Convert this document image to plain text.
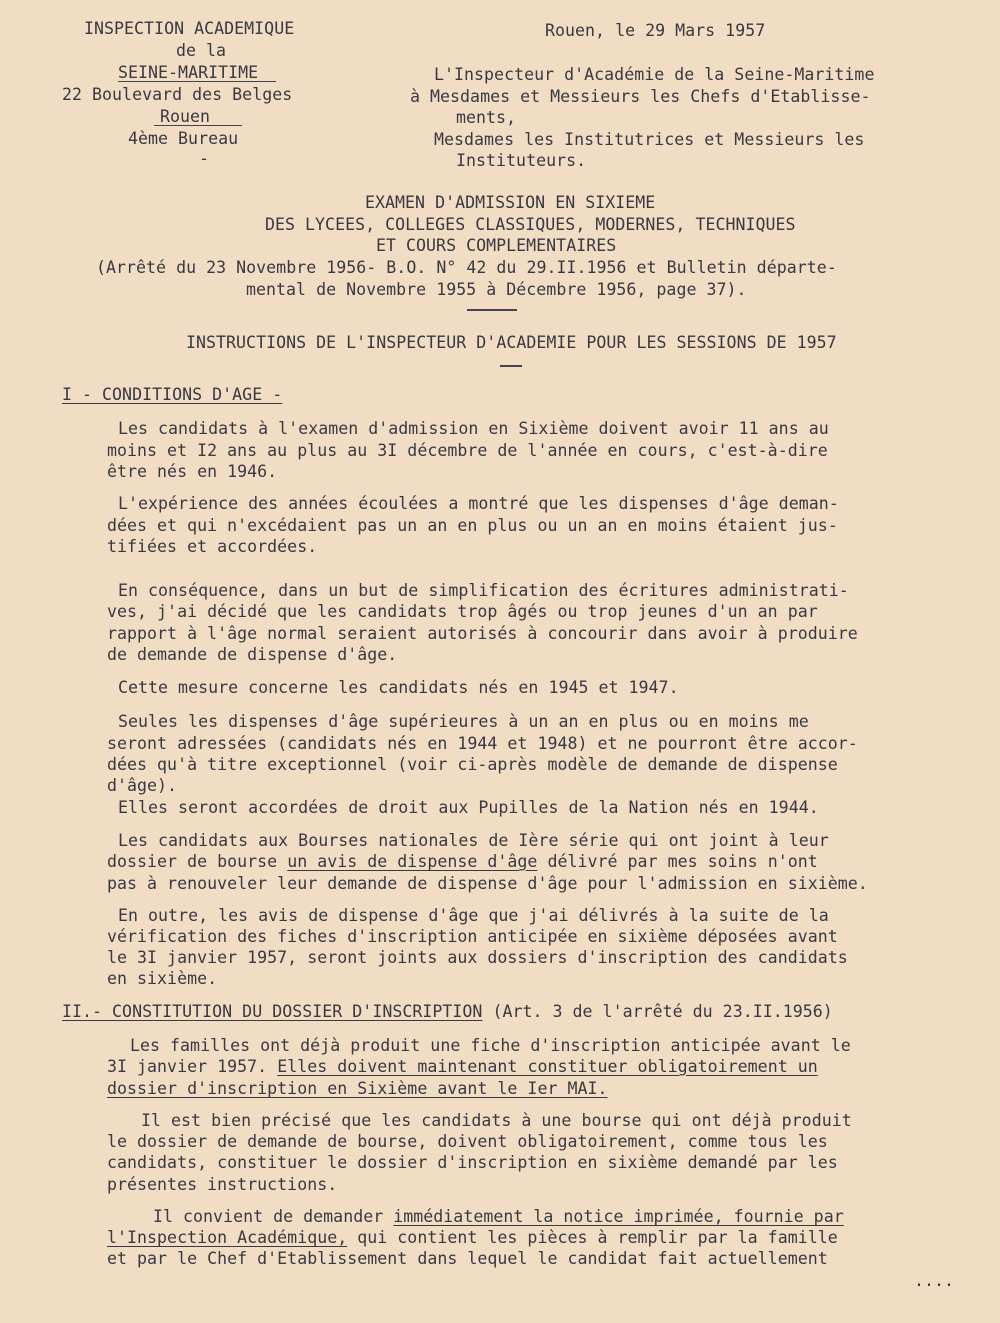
INSPECTION ACADEMIQUE

de la

SEINE-MARITIME

22 Boulevard des Belges

Rouen

4ème Bureau

-

Rouen, le 29 Mars 1957

L'Inspecteur d'Académie de la Seine-Maritime

à Mesdames et Messieurs les Chefs d'Etablisse-

ments,

Mesdames les Institutrices et Messieurs les

Instituteurs.

EXAMEN D'ADMISSION EN SIXIEME

DES LYCEES, COLLEGES CLASSIQUES, MODERNES, TECHNIQUES

ET COURS COMPLEMENTAIRES

(Arrêté du 23 Novembre 1956- B.O. N° 42 du 29.II.1956 et Bulletin départe-

mental de Novembre 1955 à Décembre 1956, page 37).

INSTRUCTIONS DE L'INSPECTEUR D'ACADEMIE POUR LES SESSIONS DE 1957

I - CONDITIONS D'AGE -

Les candidats à l'examen d'admission en Sixième doivent avoir 11 ans au

moins et I2 ans au plus au 3I décembre de l'année en cours, c'est-à-dire

être nés en 1946.

L'expérience des années écoulées a montré que les dispenses d'âge deman-

dées et qui n'excédaient pas un an en plus ou un an en moins étaient jus-

tifiées et accordées.

En conséquence, dans un but de simplification des écritures administrati-

ves, j'ai décidé que les candidats trop âgés ou trop jeunes d'un an par

rapport à l'âge normal seraient autorisés à concourir dans avoir à produire

de demande de dispense d'âge.

Cette mesure concerne les candidats nés en 1945 et 1947.

Seules les dispenses d'âge supérieures à un an en plus ou en moins me

seront adressées (candidats nés en 1944 et 1948) et ne pourront être accor-

dées qu'à titre exceptionnel (voir ci-après modèle de demande de dispense

d'âge).

Elles seront accordées de droit aux Pupilles de la Nation nés en 1944.

Les candidats aux Bourses nationales de Ière série qui ont joint à leur

dossier de bourse un avis de dispense d'âge délivré par mes soins n'ont

pas à renouveler leur demande de dispense d'âge pour l'admission en sixième.

En outre, les avis de dispense d'âge que j'ai délivrés à la suite de la

vérification des fiches d'inscription anticipée en sixième déposées avant

le 3I janvier 1957, seront joints aux dossiers d'inscription des candidats

en sixième.

II.- CONSTITUTION DU DOSSIER D'INSCRIPTION (Art. 3 de l'arrêté du 23.II.1956)

Les familles ont déjà produit une fiche d'inscription anticipée avant le

3I janvier 1957. Elles doivent maintenant constituer obligatoirement un

dossier d'inscription en Sixième avant le Ier MAI.

Il est bien précisé que les candidats à une bourse qui ont déjà produit

le dossier de demande de bourse, doivent obligatoirement, comme tous les

candidats, constituer le dossier d'inscription en sixième demandé par les

présentes instructions.

Il convient de demander immédiatement la notice imprimée, fournie par

l'Inspection Académique, qui contient les pièces à remplir par la famille

et par le Chef d'Etablissement dans lequel le candidat fait actuellement

....
